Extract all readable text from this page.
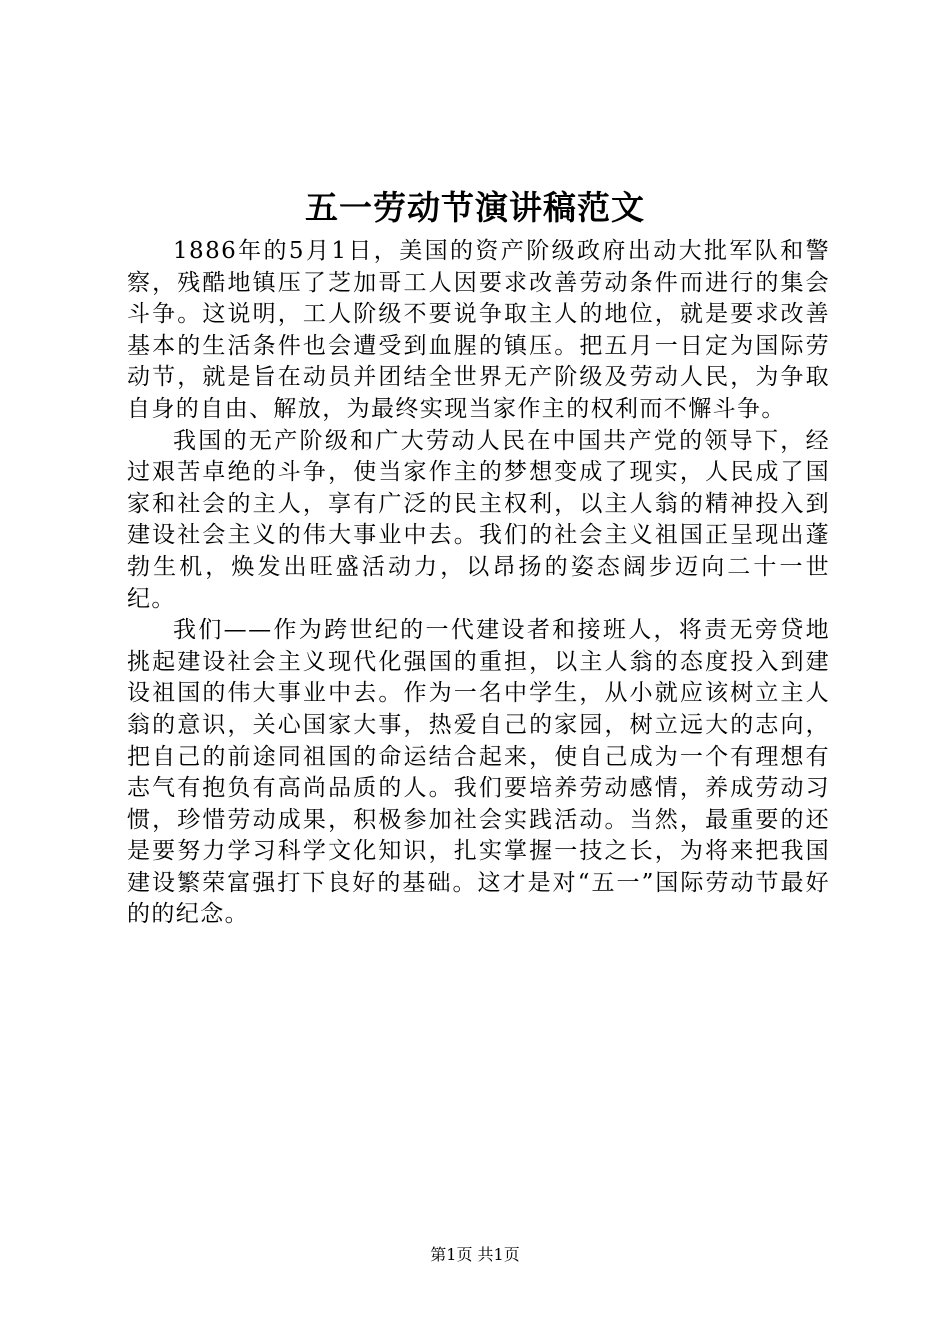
五一劳动节演讲稿范文

1886年的5月1日，美国的资产阶级政府出动大批军队和警察，残酷地镇压了芝加哥工人因要求改善劳动条件而进行的集会斗争。这说明，工人阶级不要说争取主人的地位，就是要求改善基本的生活条件也会遭受到血腥的镇压。把五月一日定为国际劳动节，就是旨在动员并团结全世界无产阶级及劳动人民，为争取自身的自由、解放，为最终实现当家作主的权利而不懈斗争。

我国的无产阶级和广大劳动人民在中国共产党的领导下，经过艰苦卓绝的斗争，使当家作主的梦想变成了现实，人民成了国家和社会的主人，享有广泛的民主权利，以主人翁的精神投入到建设社会主义的伟大事业中去。我们的社会主义祖国正呈现出蓬勃生机，焕发出旺盛活动力，以昂扬的姿态阔步迈向二十一世纪。

我们——作为跨世纪的一代建设者和接班人，将责无旁贷地挑起建设社会主义现代化强国的重担，以主人翁的态度投入到建设祖国的伟大事业中去。作为一名中学生，从小就应该树立主人翁的意识，关心国家大事，热爱自己的家园，树立远大的志向，把自己的前途同祖国的命运结合起来，使自己成为一个有理想有志气有抱负有高尚品质的人。我们要培养劳动感情，养成劳动习惯，珍惜劳动成果，积极参加社会实践活动。当然，最重要的还是要努力学习科学文化知识，扎实掌握一技之长，为将来把我国建设繁荣富强打下良好的基础。这才是对“五一”国际劳动节最好的的纪念。

第1页 共1页
